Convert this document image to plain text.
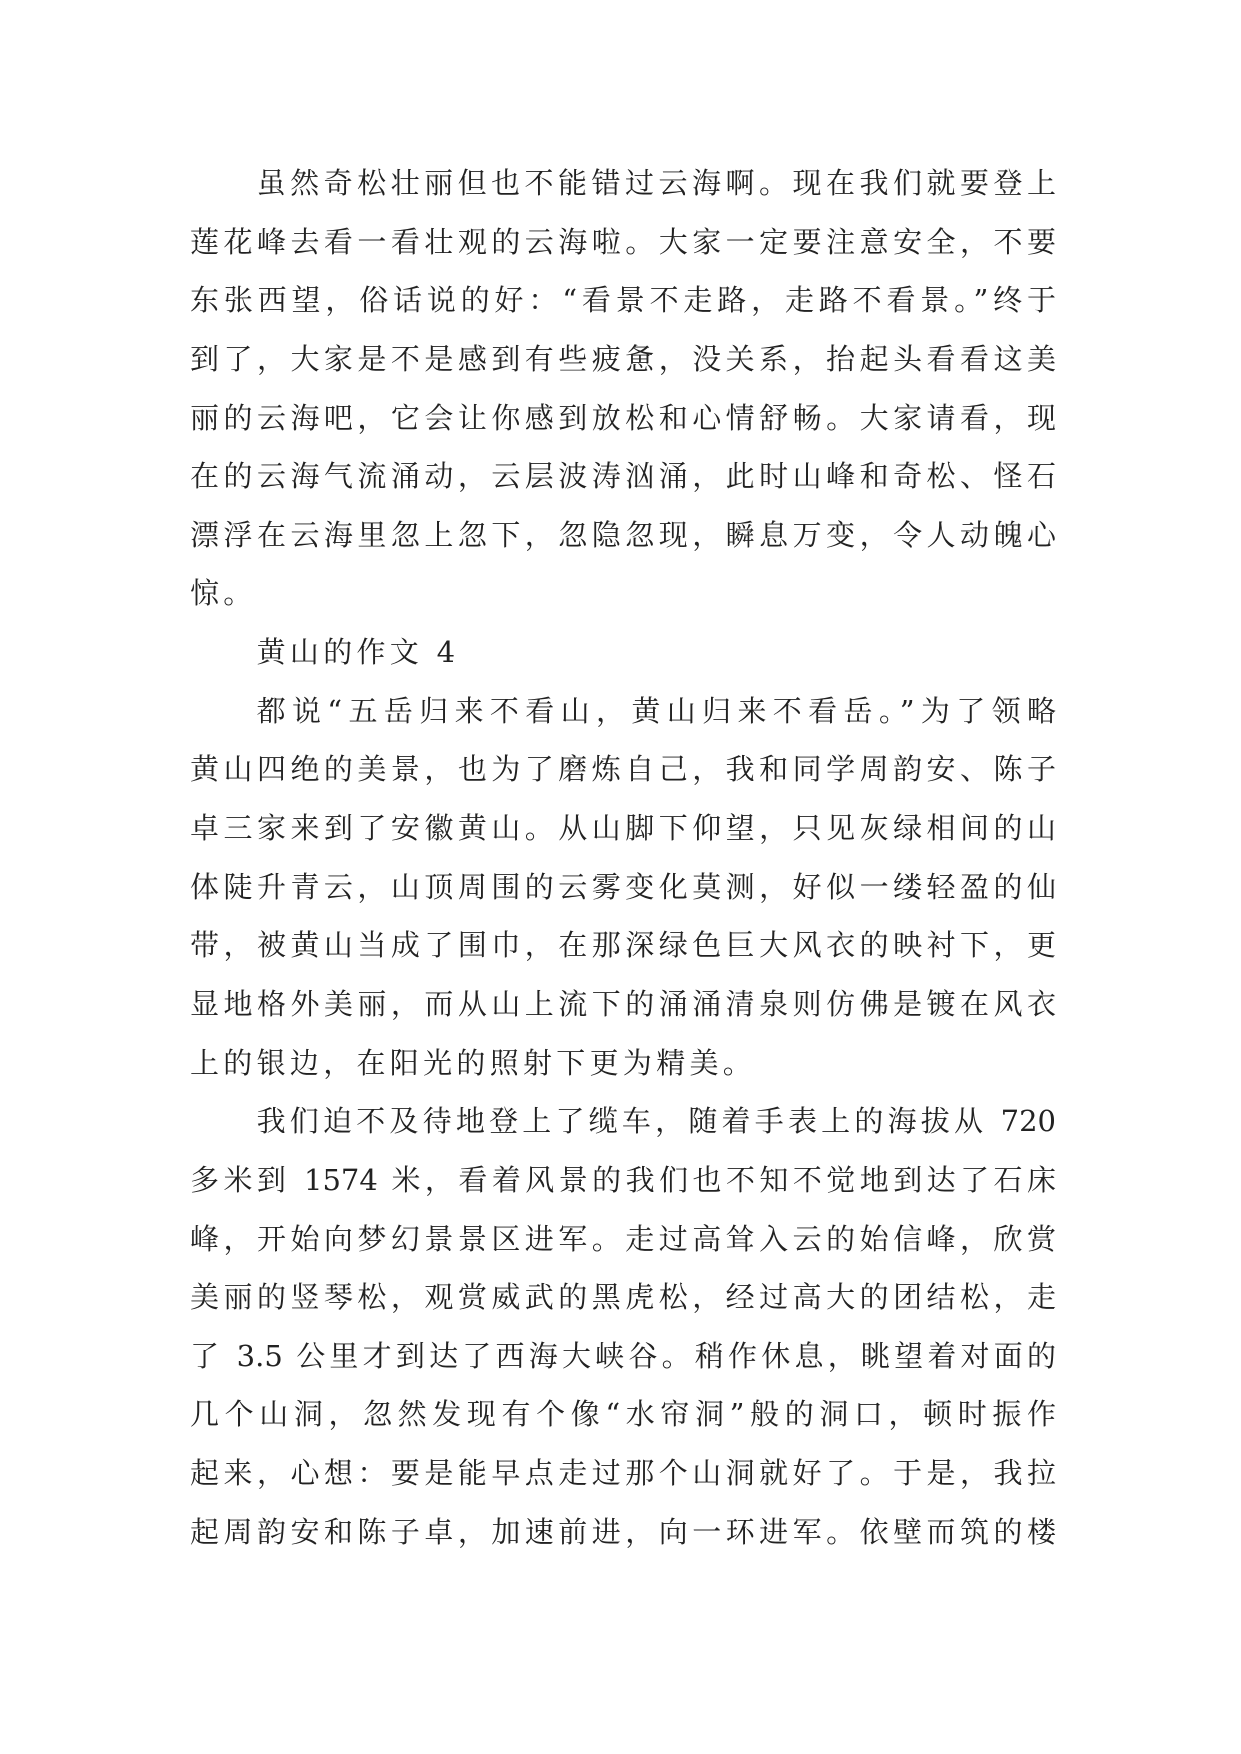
虽然奇松壮丽但也不能错过云海啊。现在我们就要登上
莲花峰去看一看壮观的云海啦。大家一定要注意安全，不要
东张西望，俗话说的好：“看景不走路，走路不看景。”终于
到了，大家是不是感到有些疲惫，没关系，抬起头看看这美
丽的云海吧，它会让你感到放松和心情舒畅。大家请看，现
在的云海气流涌动，云层波涛汹涌，此时山峰和奇松、怪石
漂浮在云海里忽上忽下，忽隐忽现，瞬息万变，令人动魄心
惊。
黄山的作文 4
都说“五岳归来不看山，黄山归来不看岳。”为了领略
黄山四绝的美景，也为了磨炼自己，我和同学周韵安、陈子
卓三家来到了安徽黄山。从山脚下仰望，只见灰绿相间的山
体陡升青云，山顶周围的云雾变化莫测，好似一缕轻盈的仙
带，被黄山当成了围巾，在那深绿色巨大风衣的映衬下，更
显地格外美丽，而从山上流下的涌涌清泉则仿佛是镀在风衣
上的银边，在阳光的照射下更为精美。
我们迫不及待地登上了缆车，随着手表上的海拔从 720
多米到 1574 米，看着风景的我们也不知不觉地到达了石床
峰，开始向梦幻景景区进军。走过高耸入云的始信峰，欣赏
美丽的竖琴松，观赏威武的黑虎松，经过高大的团结松，走
了 3.5 公里才到达了西海大峡谷。稍作休息，眺望着对面的
几个山洞，忽然发现有个像“水帘洞”般的洞口，顿时振作
起来，心想：要是能早点走过那个山洞就好了。于是，我拉
起周韵安和陈子卓，加速前进，向一环进军。依壁而筑的楼
